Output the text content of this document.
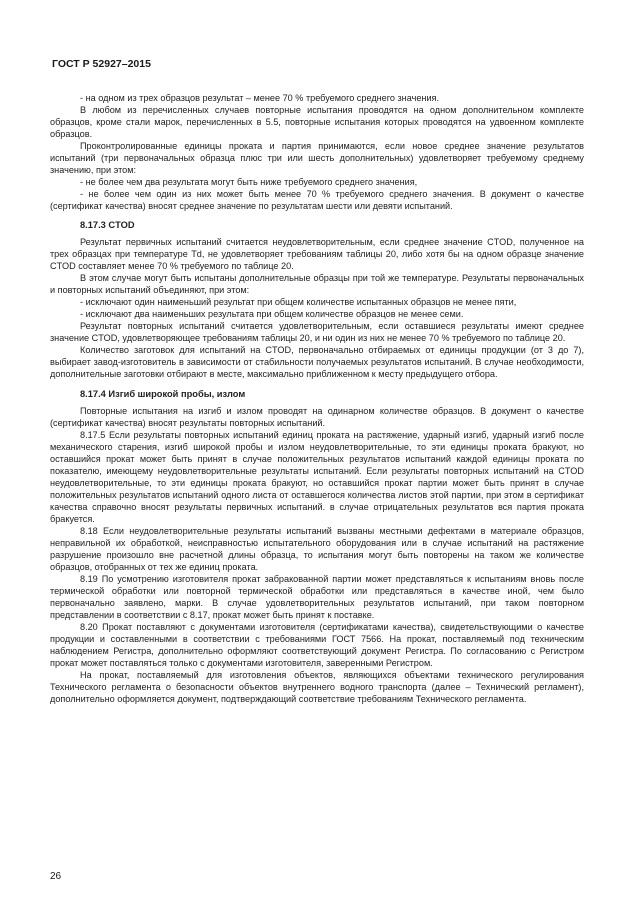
ГОСТ Р 52927–2015

- на одном из трех образцов результат – менее 70 % требуемого среднего значения.

В любом из перечисленных случаев повторные испытания проводятся на одном дополнительном комплекте образцов, кроме стали марок, перечисленных в 5.5, повторные испытания которых проводятся на удвоенном комплекте образцов.

Проконтролированные единицы проката и партия принимаются, если новое среднее значение результатов испытаний (три первоначальных образца плюс три или шесть дополнительных) удовлетворяет требуемому среднему значению, при этом:

- не более чем два результата могут быть ниже требуемого среднего значения,

- не более чем один из них может быть менее 70 % требуемого среднего значения. В документ о качестве (сертификат качества) вносят среднее значение по результатам шести или девяти испытаний.

8.17.3 CTOD

Результат первичных испытаний считается неудовлетворительным, если среднее значение CTOD, полученное на трех образцах при температуре Td, не удовлетворяет требованиям таблицы 20, либо хотя бы на одном образце значение CTOD составляет менее 70 % требуемого по таблице 20.

В этом случае могут быть испытаны дополнительные образцы при той же температуре. Результаты первоначальных и повторных испытаний объединяют, при этом:

- исключают один наименьший результат при общем количестве испытанных образцов не менее пяти,

- исключают два наименьших результата при общем количестве образцов не менее семи.

Результат повторных испытаний считается удовлетворительным, если оставшиеся результаты имеют среднее значение CTOD, удовлетворяющее требованиям таблицы 20, и ни один из них не менее 70 % требуемого по таблице 20.

Количество заготовок для испытаний на CTOD, первоначально отбираемых от единицы продукции (от 3 до 7), выбирает завод-изготовитель в зависимости от стабильности получаемых результатов испытаний. В случае необходимости, дополнительные заготовки отбирают в месте, максимально приближенном к месту предыдущего отбора.

8.17.4 Изгиб широкой пробы, излом

Повторные испытания на изгиб и излом проводят на одинарном количестве образцов. В документ о качестве (сертификат качества) вносят результаты повторных испытаний.

8.17.5 Если результаты повторных испытаний единиц проката на растяжение, ударный изгиб, ударный изгиб после механического старения, изгиб широкой пробы и излом неудовлетворительные, то эти единицы проката бракуют, но оставшийся прокат может быть принят в случае положительных результатов испытаний каждой единицы проката по показателю, имеющему неудовлетворительные результаты испытаний. Если результаты повторных испытаний на CTOD неудовлетворительные, то эти единицы проката бракуют, но оставшийся прокат партии может быть принят в случае положительных результатов испытаний одного листа от оставшегося количества листов этой партии, при этом в сертификат качества справочно вносят результаты первичных испытаний. в случае отрицательных результатов вся партия проката бракуется.

8.18 Если неудовлетворительные результаты испытаний вызваны местными дефектами в материале образцов, неправильной их обработкой, неисправностью испытательного оборудования или в случае испытаний на растяжение разрушение произошло вне расчетной длины образца, то испытания могут быть повторены на таком же количестве образцов, отобранных от тех же единиц проката.

8.19 По усмотрению изготовителя прокат забракованной партии может представляться к испытаниям вновь после термической обработки или повторной термической обработки или представляться в качестве иной, чем было первоначально заявлено, марки. В случае удовлетворительных результатов испытаний, при таком повторном представлении в соответствии с 8.17, прокат может быть принят к поставке.

8.20 Прокат поставляют с документами изготовителя (сертификатами качества), свидетельствующими о качестве продукции и составленными в соответствии с требованиями ГОСТ 7566. На прокат, поставляемый под техническим наблюдением Регистра, дополнительно оформляют соответствующий документ Регистра. По согласованию с Регистром прокат может поставляться только с документами изготовителя, заверенными Регистром.

На прокат, поставляемый для изготовления объектов, являющихся объектами технического регулирования Технического регламента о безопасности объектов внутреннего водного транспорта (далее – Технический регламент), дополнительно оформляется документ, подтверждающий соответствие требованиям Технического регламента.

26
